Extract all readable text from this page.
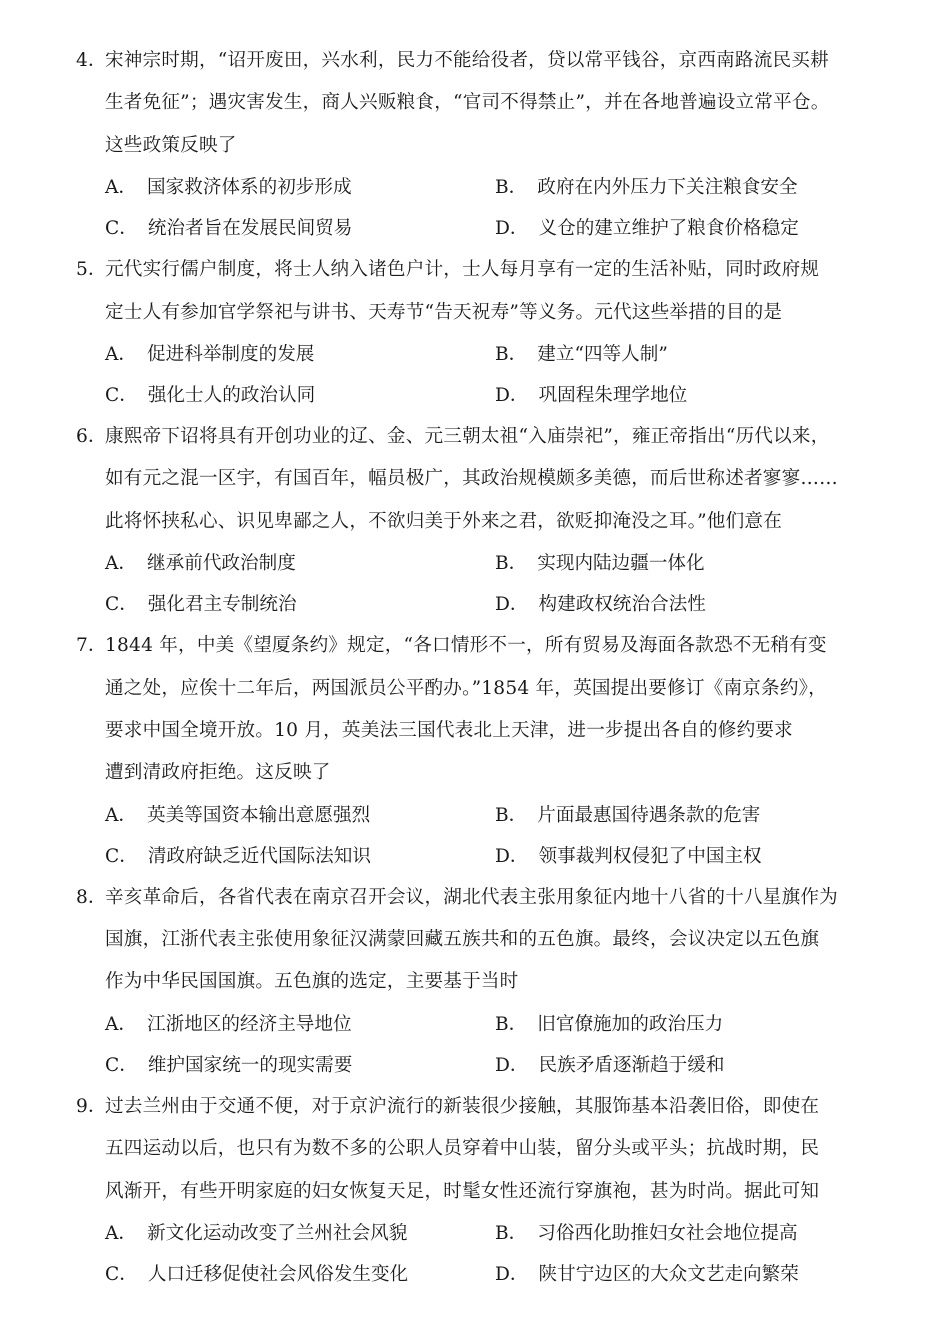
4．
宋神宗时期，“诏开废田，兴水利，民力不能给役者，贷以常平钱谷，京西南路流民买耕
生者免征”；遇灾害发生，商人兴贩粮食，“官司不得禁止”，并在各地普遍设立常平仓。
这些政策反映了
A． 国家救济体系的初步形成	B． 政府在内外压力下关注粮食安全
C． 统治者旨在发展民间贸易	D． 义仓的建立维护了粮食价格稳定
5．
元代实行儒户制度，将士人纳入诸色户计，士人每月享有一定的生活补贴，同时政府规
定士人有参加官学祭祀与讲书、天寿节“告天祝寿”等义务。元代这些举措的目的是
A． 促进科举制度的发展	B． 建立“四等人制”
C． 强化士人的政治认同	D． 巩固程朱理学地位
6．
康熙帝下诏将具有开创功业的辽、金、元三朝太祖“入庙崇祀”，雍正帝指出“历代以来，
如有元之混一区宇，有国百年，幅员极广，其政治规模颇多美德，而后世称述者寥寥……
此将怀挟私心、识见卑鄙之人，不欲归美于外来之君，欲贬抑淹没之耳。”他们意在
A． 继承前代政治制度	B． 实现内陆边疆一体化
C． 强化君主专制统治	D． 构建政权统治合法性
7．
1844 年，中美《望厦条约》规定，“各口情形不一，所有贸易及海面各款恐不无稍有变
通之处，应俟十二年后，两国派员公平酌办。”1854 年，英国提出要修订《南京条约》，
要求中国全境开放。10 月，英美法三国代表北上天津，进一步提出各自的修约要求
遭到清政府拒绝。这反映了
A． 英美等国资本输出意愿强烈	B． 片面最惠国待遇条款的危害
C． 清政府缺乏近代国际法知识	D． 领事裁判权侵犯了中国主权
8．
辛亥革命后，各省代表在南京召开会议，湖北代表主张用象征内地十八省的十八星旗作为
国旗，江浙代表主张使用象征汉满蒙回藏五族共和的五色旗。最终，会议决定以五色旗
作为中华民国国旗。五色旗的选定，主要基于当时
A． 江浙地区的经济主导地位	B． 旧官僚施加的政治压力
C． 维护国家统一的现实需要	D． 民族矛盾逐渐趋于缓和
9．
过去兰州由于交通不便，对于京沪流行的新装很少接触，其服饰基本沿袭旧俗，即使在
五四运动以后，也只有为数不多的公职人员穿着中山装，留分头或平头；抗战时期，民
风渐开，有些开明家庭的妇女恢复天足，时髦女性还流行穿旗袍，甚为时尚。据此可知
A． 新文化运动改变了兰州社会风貌	B． 习俗西化助推妇女社会地位提高
C． 人口迁移促使社会风俗发生变化	D． 陕甘宁边区的大众文艺走向繁荣
